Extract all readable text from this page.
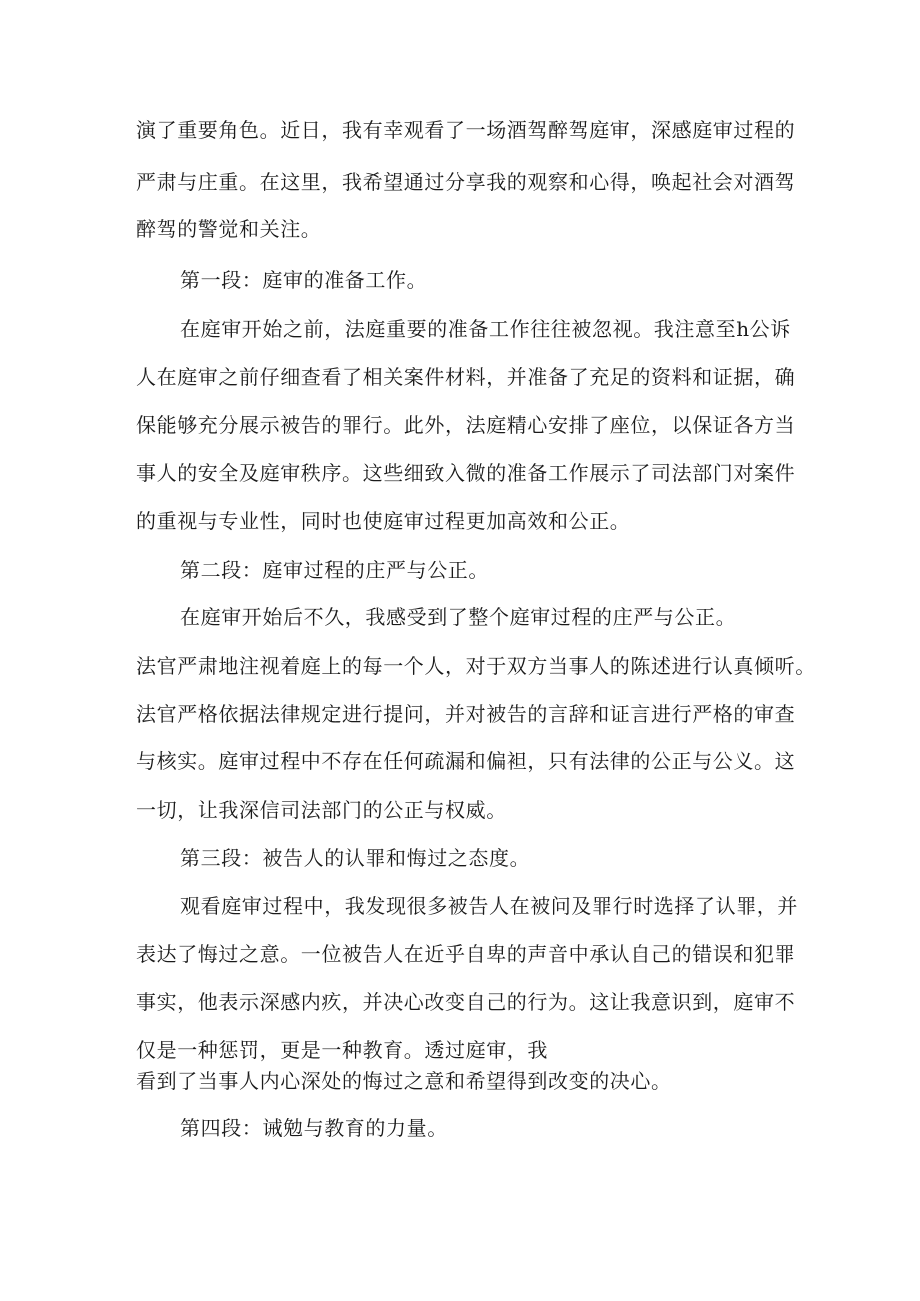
演了重要角色。近日，我有幸观看了一场酒驾醉驾庭审，深感庭审过程的

严肃与庄重。在这里，我希望通过分享我的观察和心得，唤起社会对酒驾

醉驾的警觉和关注。

第一段：庭审的准备工作。

在庭审开始之前，法庭重要的准备工作往往被忽视。我注意至h公诉

人在庭审之前仔细查看了相关案件材料，并准备了充足的资料和证据，确

保能够充分展示被告的罪行。此外，法庭精心安排了座位，以保证各方当

事人的安全及庭审秩序。这些细致入微的准备工作展示了司法部门对案件

的重视与专业性，同时也使庭审过程更加高效和公正。

第二段：庭审过程的庄严与公正。

在庭审开始后不久，我感受到了整个庭审过程的庄严与公正。

法官严肃地注视着庭上的每一个人，对于双方当事人的陈述进行认真倾听。

法官严格依据法律规定进行提问，并对被告的言辞和证言进行严格的审查

与核实。庭审过程中不存在任何疏漏和偏袒，只有法律的公正与公义。这

一切，让我深信司法部门的公正与权威。

第三段：被告人的认罪和悔过之态度。

观看庭审过程中，我发现很多被告人在被问及罪行时选择了认罪，并

表达了悔过之意。一位被告人在近乎自卑的声音中承认自己的错误和犯罪

事实，他表示深感内疚，并决心改变自己的行为。这让我意识到，庭审不

仅是一种惩罚，更是一种教育。透过庭审，我

看到了当事人内心深处的悔过之意和希望得到改变的决心。

第四段：诫勉与教育的力量。
